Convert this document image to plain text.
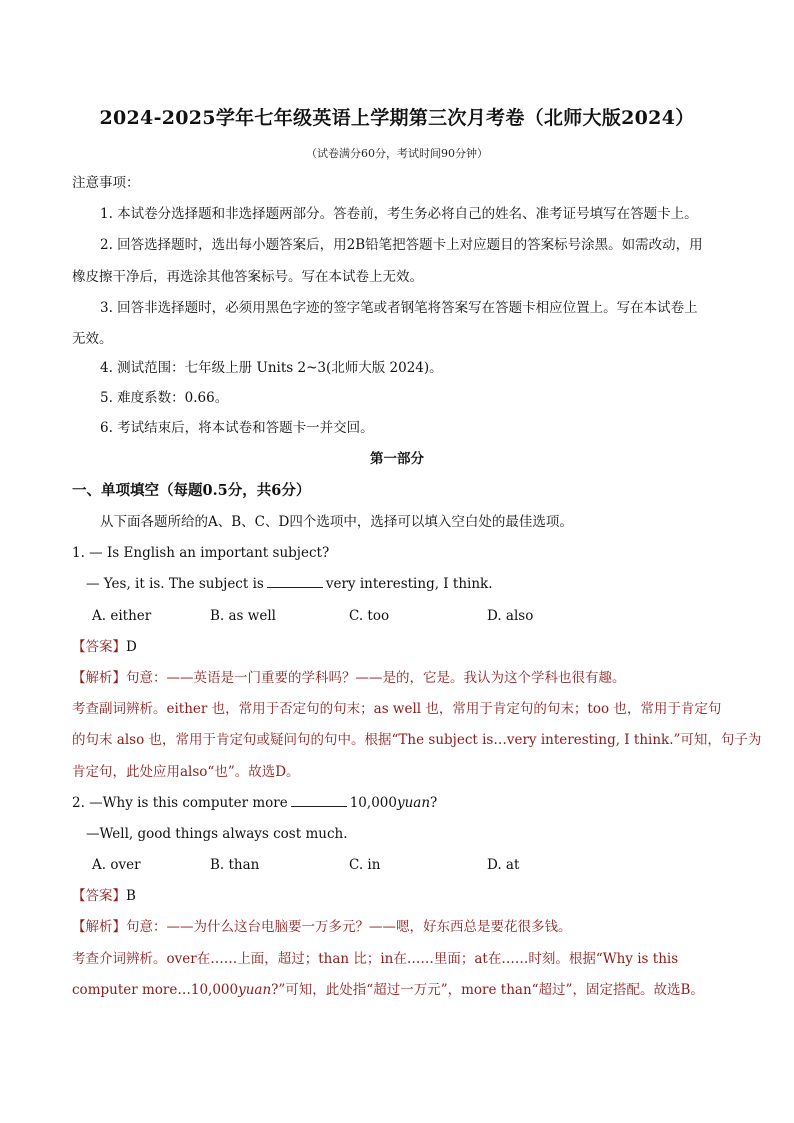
2024-2025学年七年级英语上学期第三次月考卷（北师大版2024）
（试卷满分60分，考试时间90分钟）
注意事项：
1. 本试卷分选择题和非选择题两部分。答卷前，考生务必将自己的姓名、准考证号填写在答题卡上。
2. 回答选择题时，选出每小题答案后，用2B铅笔把答题卡上对应题目的答案标号涂黑。如需改动，用
橡皮擦干净后，再选涂其他答案标号。写在本试卷上无效。
3. 回答非选择题时，必须用黑色字迹的签字笔或者钢笔将答案写在答题卡相应位置上。写在本试卷上
无效。
4. 测试范围：七年级上册 Units 2~3(北师大版 2024)。
5. 难度系数：0.66。
6. 考试结束后，将本试卷和答题卡一并交回。
第一部分
一、单项填空（每题0.5分，共6分）
从下面各题所给的A、B、C、D四个选项中，选择可以填入空白处的最佳选项。
1. — Is English an important subject?
— Yes, it is. The subject is	very interesting, I think.
A. either	B. as well	C. too	D. also
【答案】D
【解析】句意：——英语是一门重要的学科吗？——是的，它是。我认为这个学科也很有趣。
考查副词辨析。either 也，常用于否定句的句末；as well 也，常用于肯定句的句末；too 也，常用于肯定句
的句末 also 也，常用于肯定句或疑问句的句中。根据“The subject is…very interesting, I think.”可知，句子为
肯定句，此处应用also“也”。故选D。
2. —Why is this computer more	10,000yuan?
—Well, good things always cost much.
A. over	B. than	C. in	D. at
【答案】B
【解析】句意：——为什么这台电脑要一万多元？——嗯，好东西总是要花很多钱。
考查介词辨析。over在……上面，超过；than 比；in在……里面；at在……时刻。根据“Why is this
computer more…10,000yuan?”可知，此处指“超过一万元”，more than“超过”，固定搭配。故选B。
